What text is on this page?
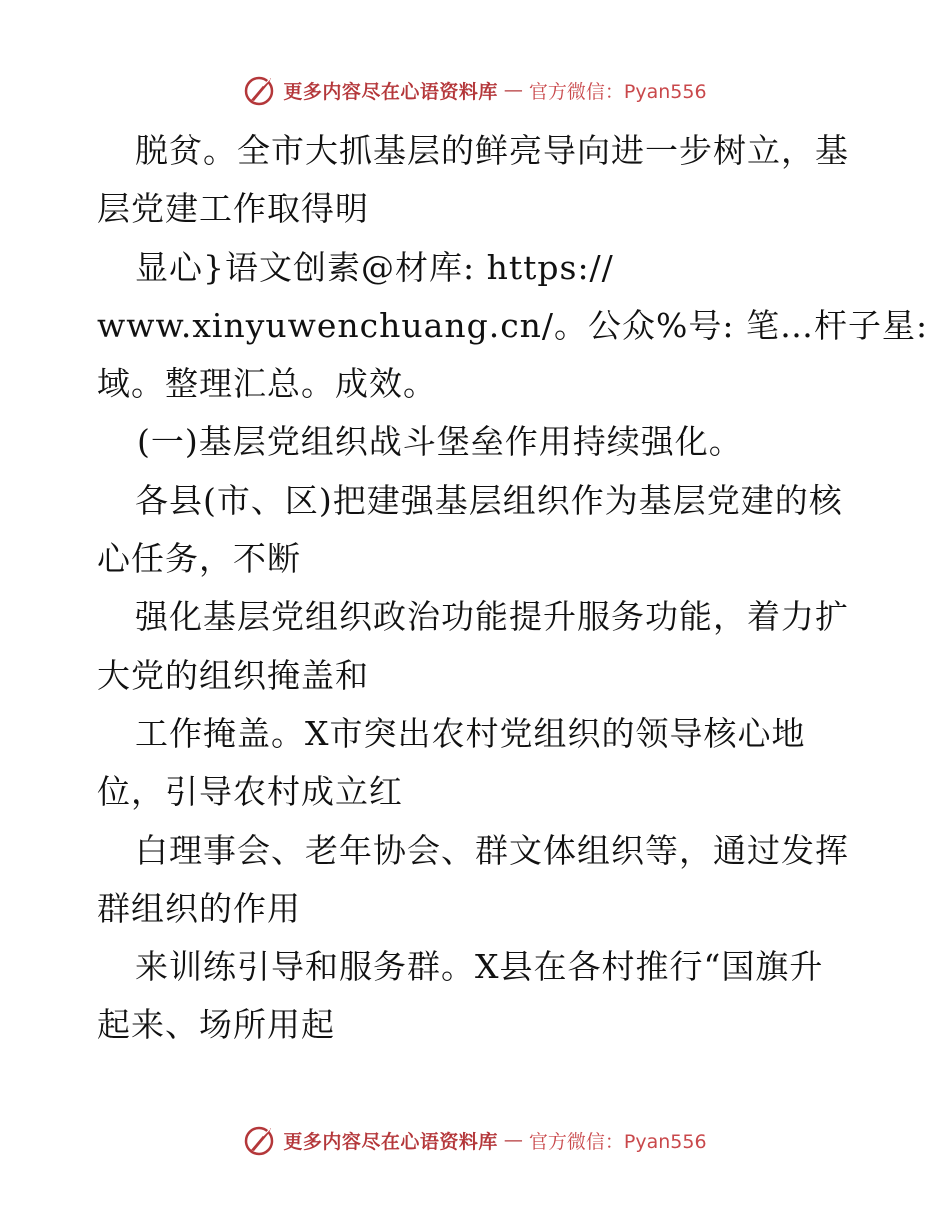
更多内容尽在心语资料库 — 官方微信：Pyan556
脱贫。全市大抓基层的鲜亮导向进一步树立，基
层党建工作取得明
显心}语文创素@材库: https://
www.xinyuwenchuang.cn/。公众%号: 笔…杆子星:
域。整理汇总。成效。
(一)基层党组织战斗堡垒作用持续强化。
各县(市、区)把建强基层组织作为基层党建的核
心任务，不断
强化基层党组织政治功能提升服务功能，着力扩
大党的组织掩盖和
工作掩盖。X市突出农村党组织的领导核心地
位，引导农村成立红
白理事会、老年协会、群文体组织等，通过发挥
群组织的作用
来训练引导和服务群。X县在各村推行“国旗升
起来、场所用起
更多内容尽在心语资料库 — 官方微信：Pyan556
